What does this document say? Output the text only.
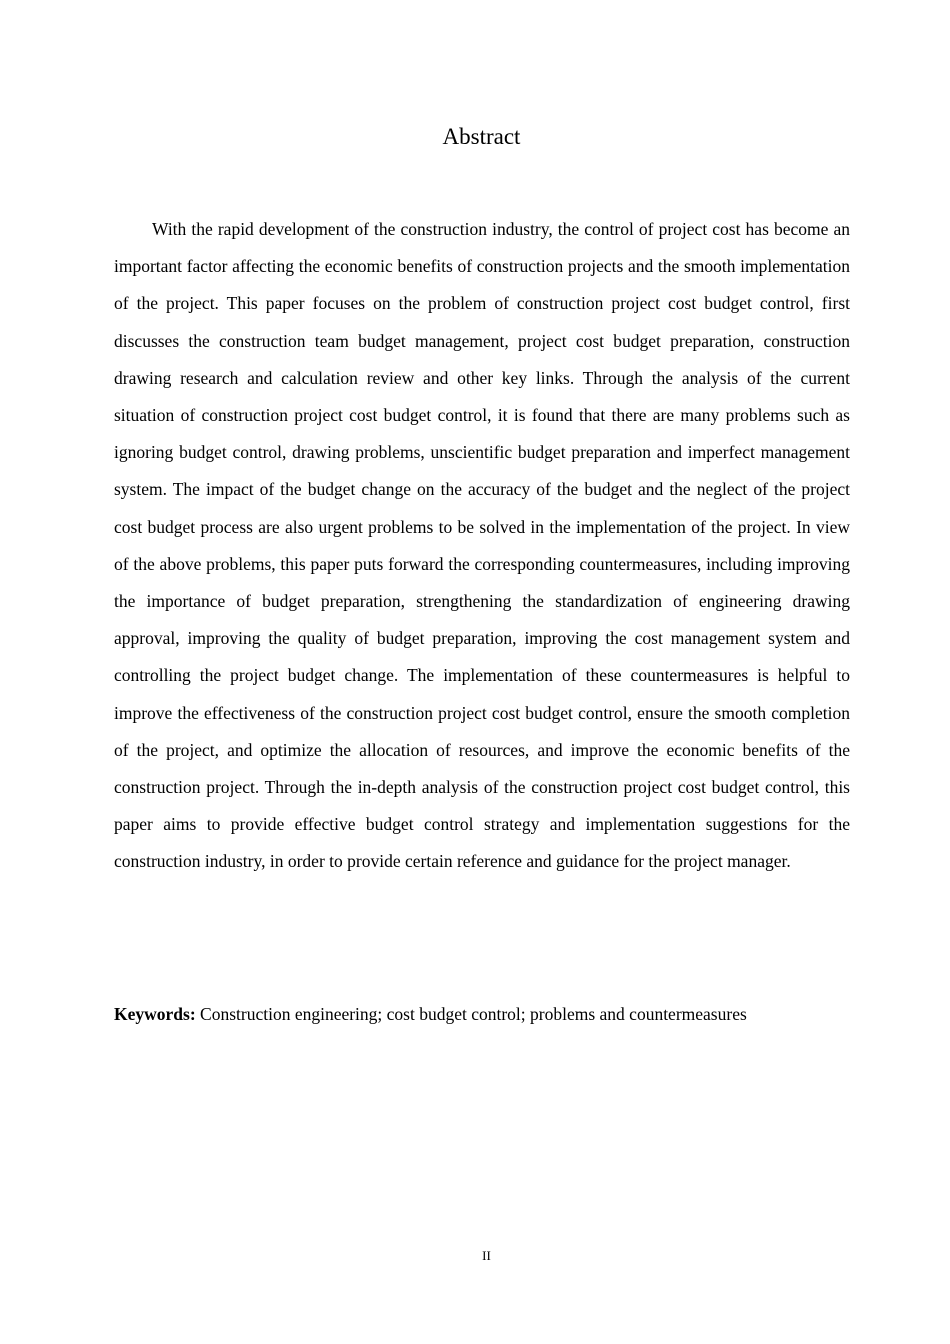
Abstract

With the rapid development of the construction industry, the control of project cost has become an important factor affecting the economic benefits of construction projects and the smooth implementation of the project. This paper focuses on the problem of construction project cost budget control, first discusses the construction team budget management, project cost budget preparation, construction drawing research and calculation review and other key links. Through the analysis of the current situation of construction project cost budget control, it is found that there are many problems such as ignoring budget control, drawing problems, unscientific budget preparation and imperfect management system. The impact of the budget change on the accuracy of the budget and the neglect of the project cost budget process are also urgent problems to be solved in the implementation of the project. In view of the above problems, this paper puts forward the corresponding countermeasures, including improving the importance of budget preparation, strengthening the standardization of engineering drawing approval, improving the quality of budget preparation, improving the cost management system and controlling the project budget change. The implementation of these countermeasures is helpful to improve the effectiveness of the construction project cost budget control, ensure the smooth completion of the project, and optimize the allocation of resources, and improve the economic benefits of the construction project. Through the in-depth analysis of the construction project cost budget control, this paper aims to provide effective budget control strategy and implementation suggestions for the construction industry, in order to provide certain reference and guidance for the project manager.

Keywords: Construction engineering; cost budget control; problems and countermeasures

II
